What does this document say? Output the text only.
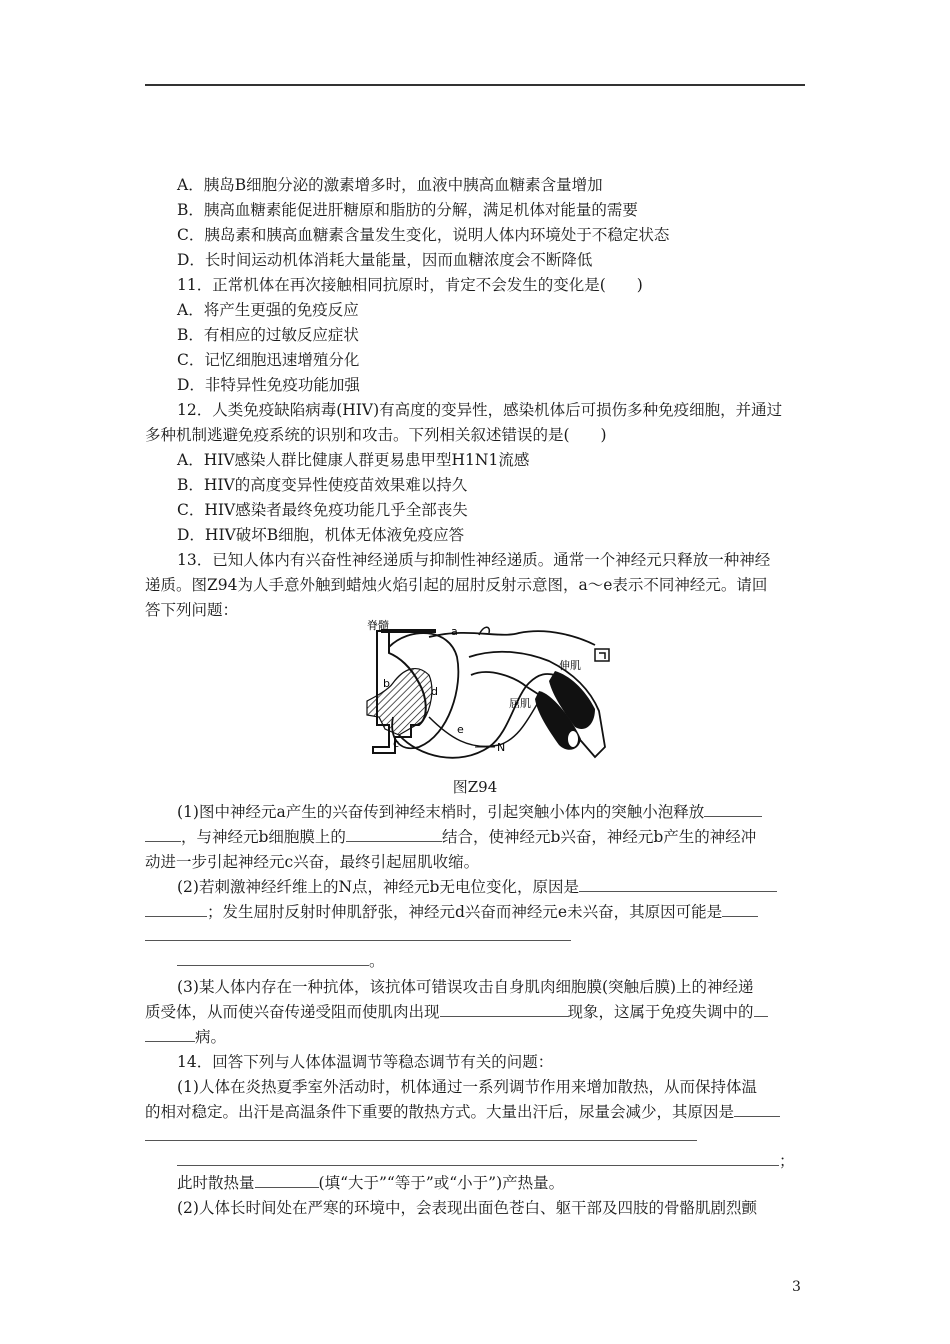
A．胰岛B细胞分泌的激素增多时，血液中胰高血糖素含量增加
B．胰高血糖素能促进肝糖原和脂肪的分解，满足机体对能量的需要
C．胰岛素和胰高血糖素含量发生变化，说明人体内环境处于不稳定状态
D．长时间运动机体消耗大量能量，因而血糖浓度会不断降低
11．正常机体在再次接触相同抗原时，肯定不会发生的变化是(　　)
A．将产生更强的免疫反应
B．有相应的过敏反应症状
C．记忆细胞迅速增殖分化
D．非特异性免疫功能加强
12．人类免疫缺陷病毒(HIV)有高度的变异性，感染机体后可损伤多种免疫细胞，并通过
多种机制逃避免疫系统的识别和攻击。下列相关叙述错误的是(　　)
A．HIV感染人群比健康人群更易患甲型H1N1流感
B．HIV的高度变异性使疫苗效果难以持久
C．HIV感染者最终免疫功能几乎全部丧失
D．HIV破坏B细胞，机体无体液免疫应答
13．已知人体内有兴奋性神经递质与抑制性神经递质。通常一个神经元只释放一种神经
递质。图Z94为人手意外触到蜡烛火焰引起的屈肘反射示意图，a～e表示不同神经元。请回
答下列问题：
脊髓	a
b
d
c
e
N
伸肌
屈肌
图Z94
(1)图中神经元a产生的兴奋传到神经末梢时，引起突触小体内的突触小泡释放
，与神经元b细胞膜上的	结合，使神经元b兴奋，神经元b产生的神经冲
动进一步引起神经元c兴奋，最终引起屈肌收缩。
(2)若刺激神经纤维上的N点，神经元b无电位变化，原因是
；发生屈肘反射时伸肌舒张，神经元d兴奋而神经元e未兴奋，其原因可能是
。
(3)某人体内存在一种抗体，该抗体可错误攻击自身肌肉细胞膜(突触后膜)上的神经递
质受体，从而使兴奋传递受阻而使肌肉出现	现象，这属于免疫失调中的
病。
14．回答下列与人体体温调节等稳态调节有关的问题：
(1)人体在炎热夏季室外活动时，机体通过一系列调节作用来增加散热，从而保持体温
的相对稳定。出汗是高温条件下重要的散热方式。大量出汗后，尿量会减少，其原因是
；
此时散热量	(填“大于”“等于”或“小于”)产热量。
(2)人体长时间处在严寒的环境中，会表现出面色苍白、躯干部及四肢的骨骼肌剧烈颤
3
